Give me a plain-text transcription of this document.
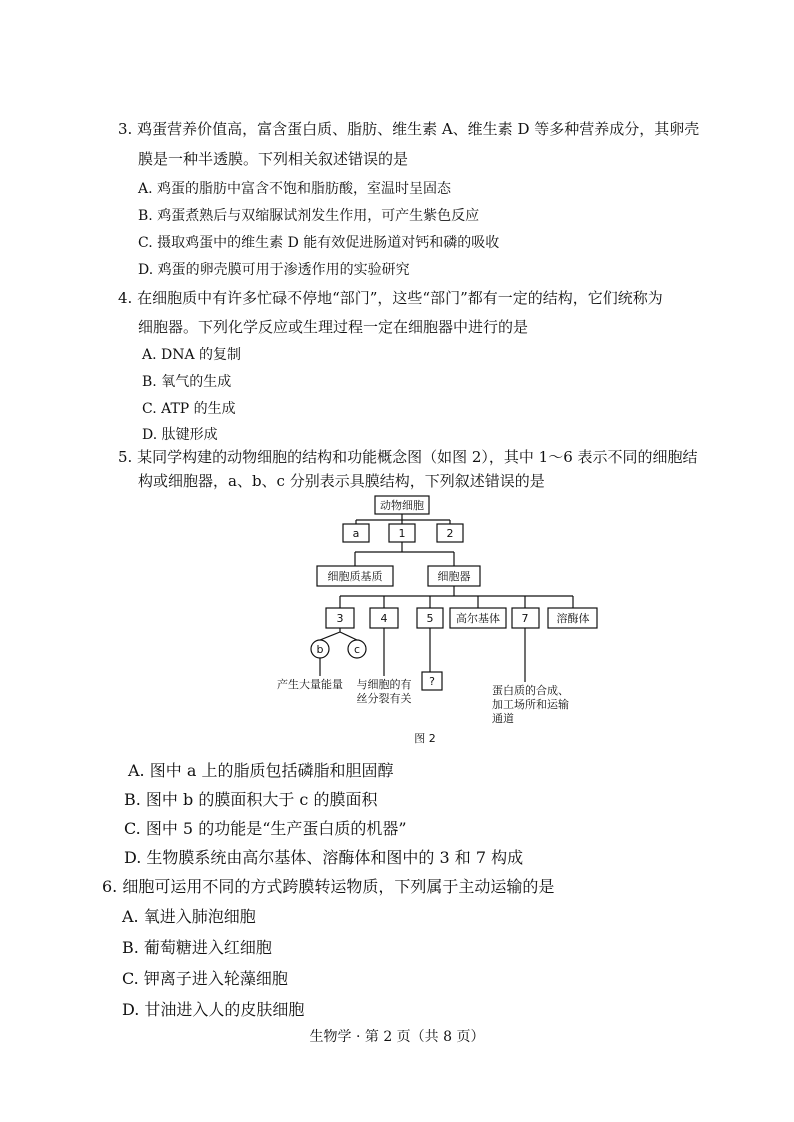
3. 鸡蛋营养价值高，富含蛋白质、脂肪、维生素 A、维生素 D 等多种营养成分，其卵壳
膜是一种半透膜。下列相关叙述错误的是
A. 鸡蛋的脂肪中富含不饱和脂肪酸，室温时呈固态
B. 鸡蛋煮熟后与双缩脲试剂发生作用，可产生紫色反应
C. 摄取鸡蛋中的维生素 D 能有效促进肠道对钙和磷的吸收
D. 鸡蛋的卵壳膜可用于渗透作用的实验研究
4. 在细胞质中有许多忙碌不停地“部门”，这些“部门”都有一定的结构，它们统称为
细胞器。下列化学反应或生理过程一定在细胞器中进行的是
A. DNA 的复制
B. 氧气的生成
C. ATP 的生成
D. 肽键形成
5. 某同学构建的动物细胞的结构和功能概念图（如图 2），其中 1～6 表示不同的细胞结
构或细胞器，a、b、c 分别表示具膜结构，下列叙述错误的是
动物细胞
a	1	2
细胞质基质	细胞器
3	4	5 高尔基体 7	溶酶体
b	c
?
产生大量能量 与细胞的有
丝分裂有关
蛋白质的合成、
加工场所和运输
通道
图 2
A. 图中 a 上的脂质包括磷脂和胆固醇
B. 图中 b 的膜面积大于 c 的膜面积
C. 图中 5 的功能是“生产蛋白质的机器”
D. 生物膜系统由高尔基体、溶酶体和图中的 3 和 7 构成
6. 细胞可运用不同的方式跨膜转运物质，下列属于主动运输的是
A. 氧进入肺泡细胞
B. 葡萄糖进入红细胞
C. 钾离子进入轮藻细胞
D. 甘油进入人的皮肤细胞
生物学 · 第 2 页（共 8 页）
